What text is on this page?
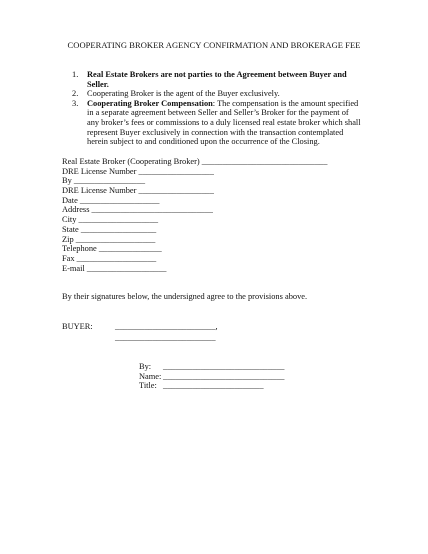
COOPERATING BROKER AGENCY CONFIRMATION AND BROKERAGE FEE
1.	Real Estate Brokers are not parties to the Agreement between Buyer and Seller.
2.	Cooperating Broker is the agent of the Buyer exclusively.
3.	Cooperating Broker Compensation: The compensation is the amount specified in a separate agreement between Seller and Seller’s Broker for the payment of any broker’s fees or commissions to a duly licensed real estate broker which shall represent Buyer exclusively in connection with the transaction contemplated herein subject to and conditioned upon the occurrence of the Closing.
Real Estate Broker (Cooperating Broker) ______________________________
DRE License Number __________________
By _________________
DRE License Number __________________
Date ___________________
Address _____________________________
City ___________________
State __________________
Zip ___________________
Telephone _______________
Fax ___________________
E-mail ___________________
By their signatures below, the undersigned agree to the provisions above.
BUYER:	________________________,
________________________
By:	_____________________________
Name: _____________________________
Title: ________________________
